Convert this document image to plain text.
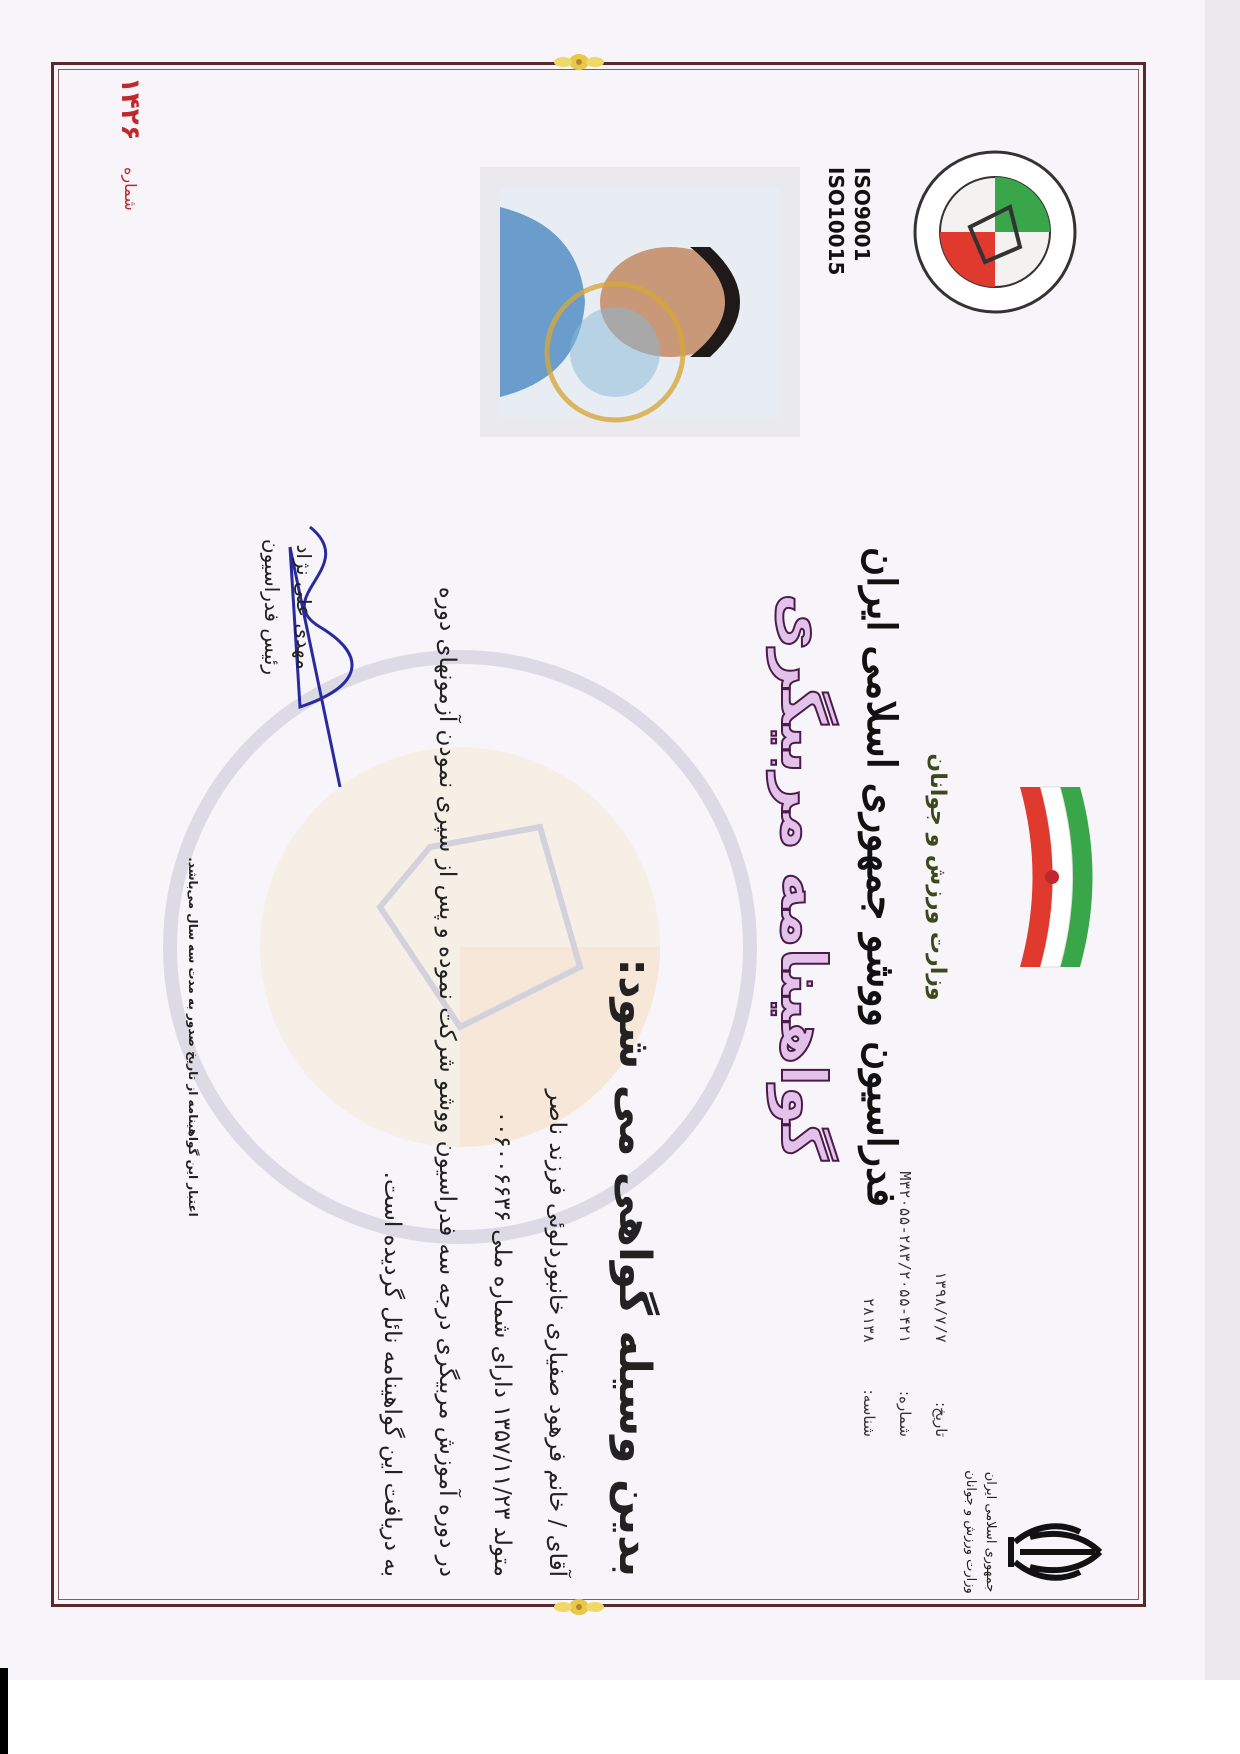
جمهوری اسلامی ایران
وزارت ورزش و جوانان
تاریخ:
۱۳۹۸/۷/۷
شماره:
M۳۲۰۵۵-۲۸۳/۲۰۵۵-۴۲۱
شناسه:
۲۸۱۳۸
وزارت ورزش و جوانان
فدراسیون ووشو جمهوری اسلامی ایران
گواهینامه مربیگری
بدین وسیله گواهی می شود:
آقای / خانم فرهود صفیاری خانبوردلوئی فرزند ناصر
متولد ۱۳۵۷/۱۱/۲۳ دارای شماره ملی ۰۰۶۰۰۶۶۳۶
در دوره آموزش مربیگری درجه سه فدراسیون ووشو شرکت نموده و پس از سپری نمودن آزمونهای دوره
به دریافت این گواهینامه نائل گردیده است.
ISO9001
ISO10015
مهدی علی نژاد
رئیس فدراسیون
اعتبار این گواهینامه از تاریخ صدور به مدت سه سال می‌باشد.
شماره
۱۴۲۶
